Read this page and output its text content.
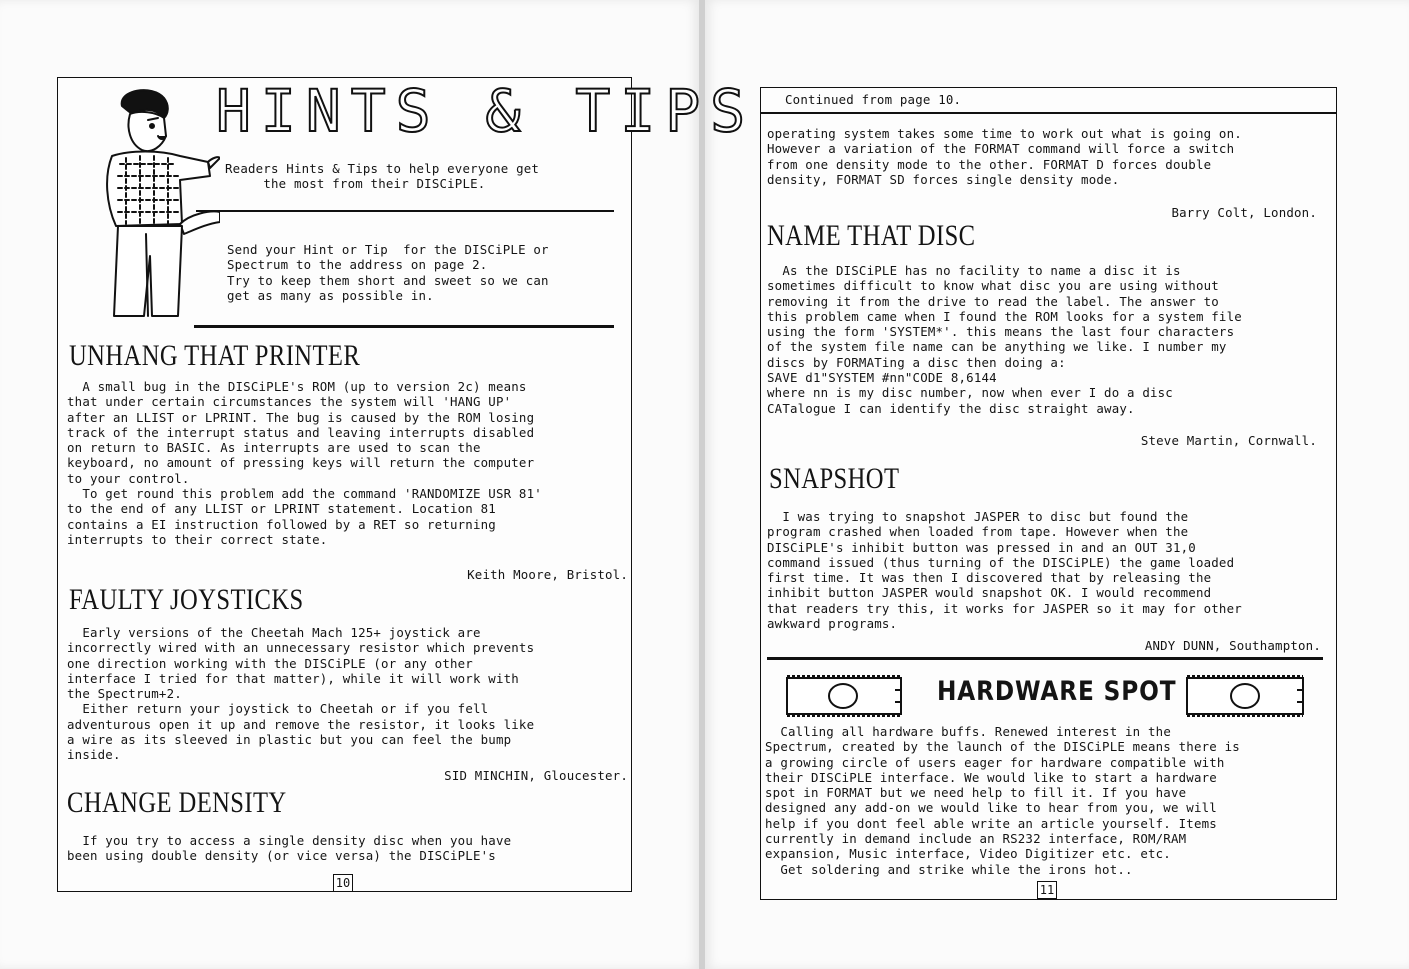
HINTS & TIPS
Readers Hints & Tips to help everyone get
the most from their DISCiPLE.
Send your Hint or Tip  for the DISCiPLE or
Spectrum to the address on page 2.
Try to keep them short and sweet so we can
get as many as possible in.
UNHANG THAT PRINTER
A small bug in the DISCiPLE's ROM (up to version 2c) means
that under certain circumstances the system will 'HANG UP'
after an LLIST or LPRINT. The bug is caused by the ROM losing
track of the interrupt status and leaving interrupts disabled
on return to BASIC. As interrupts are used to scan the
keyboard, no amount of pressing keys will return the computer
to your control.
To get round this problem add the command 'RANDOMIZE USR 81'
to the end of any LLIST or LPRINT statement. Location 81
contains a EI instruction followed by a RET so returning
interrupts to their correct state.
Keith Moore, Bristol.
FAULTY JOYSTICKS
Early versions of the Cheetah Mach 125+ joystick are
incorrectly wired with an unnecessary resistor which prevents
one direction working with the DISCiPLE (or any other
interface I tried for that matter), while it will work with
the Spectrum+2.
Either return your joystick to Cheetah or if you fell
adventurous open it up and remove the resistor, it looks like
a wire as its sleeved in plastic but you can feel the bump
inside.
SID MINCHIN, Gloucester.
CHANGE DENSITY
If you try to access a single density disc when you have
been using double density (or vice versa) the DISCiPLE's
10
Continued from page 10.
operating system takes some time to work out what is going on.
However a variation of the FORMAT command will force a switch
from one density mode to the other. FORMAT D forces double
density, FORMAT SD forces single density mode.
Barry Colt, London.
NAME THAT DISC
As the DISCiPLE has no facility to name a disc it is
sometimes difficult to know what disc you are using without
removing it from the drive to read the label. The answer to
this problem came when I found the ROM looks for a system file
using the form 'SYSTEM*'. this means the last four characters
of the system file name can be anything we like. I number my
discs by FORMATing a disc then doing a:
SAVE d1"SYSTEM #nn"CODE 8,6144
where nn is my disc number, now when ever I do a disc
CATalogue I can identify the disc straight away.
Steve Martin, Cornwall.
SNAPSHOT
I was trying to snapshot JASPER to disc but found the
program crashed when loaded from tape. However when the
DISCiPLE's inhibit button was pressed in and an OUT 31,0
command issued (thus turning of the DISCiPLE) the game loaded
first time. It was then I discovered that by releasing the
inhibit button JASPER would snapshot OK. I would recommend
that readers try this, it works for JASPER so it may for other
awkward programs.
ANDY DUNN, Southampton.
HARDWARE SPOT
Calling all hardware buffs. Renewed interest in the
Spectrum, created by the launch of the DISCiPLE means there is
a growing circle of users eager for hardware compatible with
their DISCiPLE interface. We would like to start a hardware
spot in FORMAT but we need help to fill it. If you have
designed any add-on we would like to hear from you, we will
help if you dont feel able write an article yourself. Items
currently in demand include an RS232 interface, ROM/RAM
expansion, Music interface, Video Digitizer etc. etc.
Get soldering and strike while the irons hot..
11
